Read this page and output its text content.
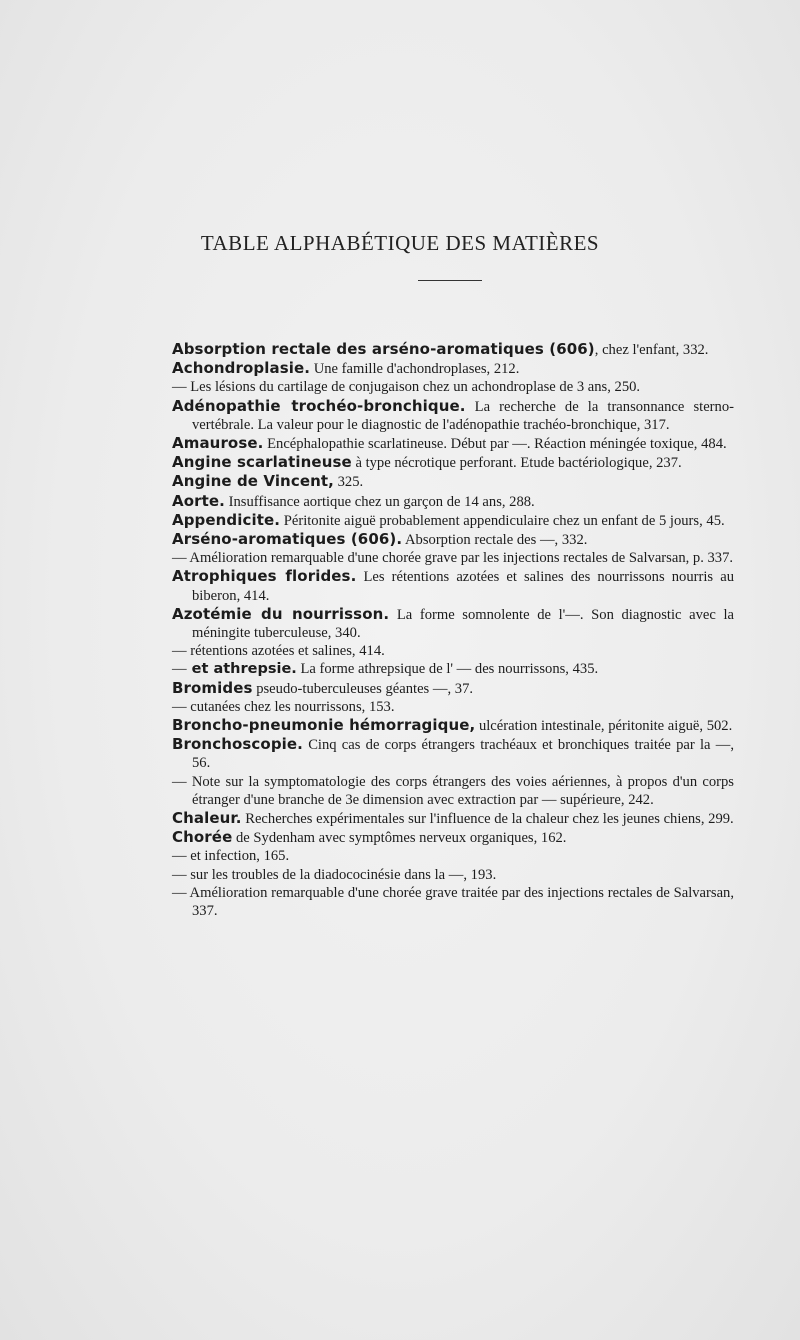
TABLE ALPHABÉTIQUE DES MATIÈRES
Absorption rectale des arséno-aromatiques (606), chez l'enfant, 332.
Achondroplasie. Une famille d'achondroplases, 212.
— Les lésions du cartilage de conjugaison chez un achondroplase de 3 ans, 250.
Adénopathie trochéo-bronchique. La recherche de la transonnance sterno-vertébrale. La valeur pour le diagnostic de l'adénopathie trachéo-bronchique, 317.
Amaurose. Encéphalopathie scarlatineuse. Début par —. Réaction méningée toxique, 484.
Angine scarlatineuse à type nécrotique perforant. Etude bactériologique, 237.
Angine de Vincent, 325.
Aorte. Insuffisance aortique chez un garçon de 14 ans, 288.
Appendicite. Péritonite aiguë probablement appendiculaire chez un enfant de 5 jours, 45.
Arséno-aromatiques (606). Absorption rectale des —, 332.
— Amélioration remarquable d'une chorée grave par les injections rectales de Salvarsan, p. 337.
Atrophiques florides. Les rétentions azotées et salines des nourrissons nourris au biberon, 414.
Azotémie du nourrisson. La forme somnolente de l'—. Son diagnostic avec la méningite tuberculeuse, 340.
— rétentions azotées et salines, 414.
— et athrepsie. La forme athrepsique de l' — des nourrissons, 435.
Bromides pseudo-tuberculeuses géantes —, 37.
— cutanées chez les nourrissons, 153.
Broncho-pneumonie hémorragique, ulcération intestinale, péritonite aiguë, 502.
Bronchoscopie. Cinq cas de corps étrangers trachéaux et bronchiques traitée par la —, 56.
— Note sur la symptomatologie des corps étrangers des voies aériennes, à propos d'un corps étranger d'une branche de 3e dimension avec extraction par — supérieure, 242.
Chaleur. Recherches expérimentales sur l'influence de la chaleur chez les jeunes chiens, 299.
Chorée de Sydenham avec symptômes nerveux organiques, 162.
— et infection, 165.
— sur les troubles de la diadococinésie dans la —, 193.
— Amélioration remarquable d'une chorée grave traitée par des injections rectales de Salvarsan, 337.
